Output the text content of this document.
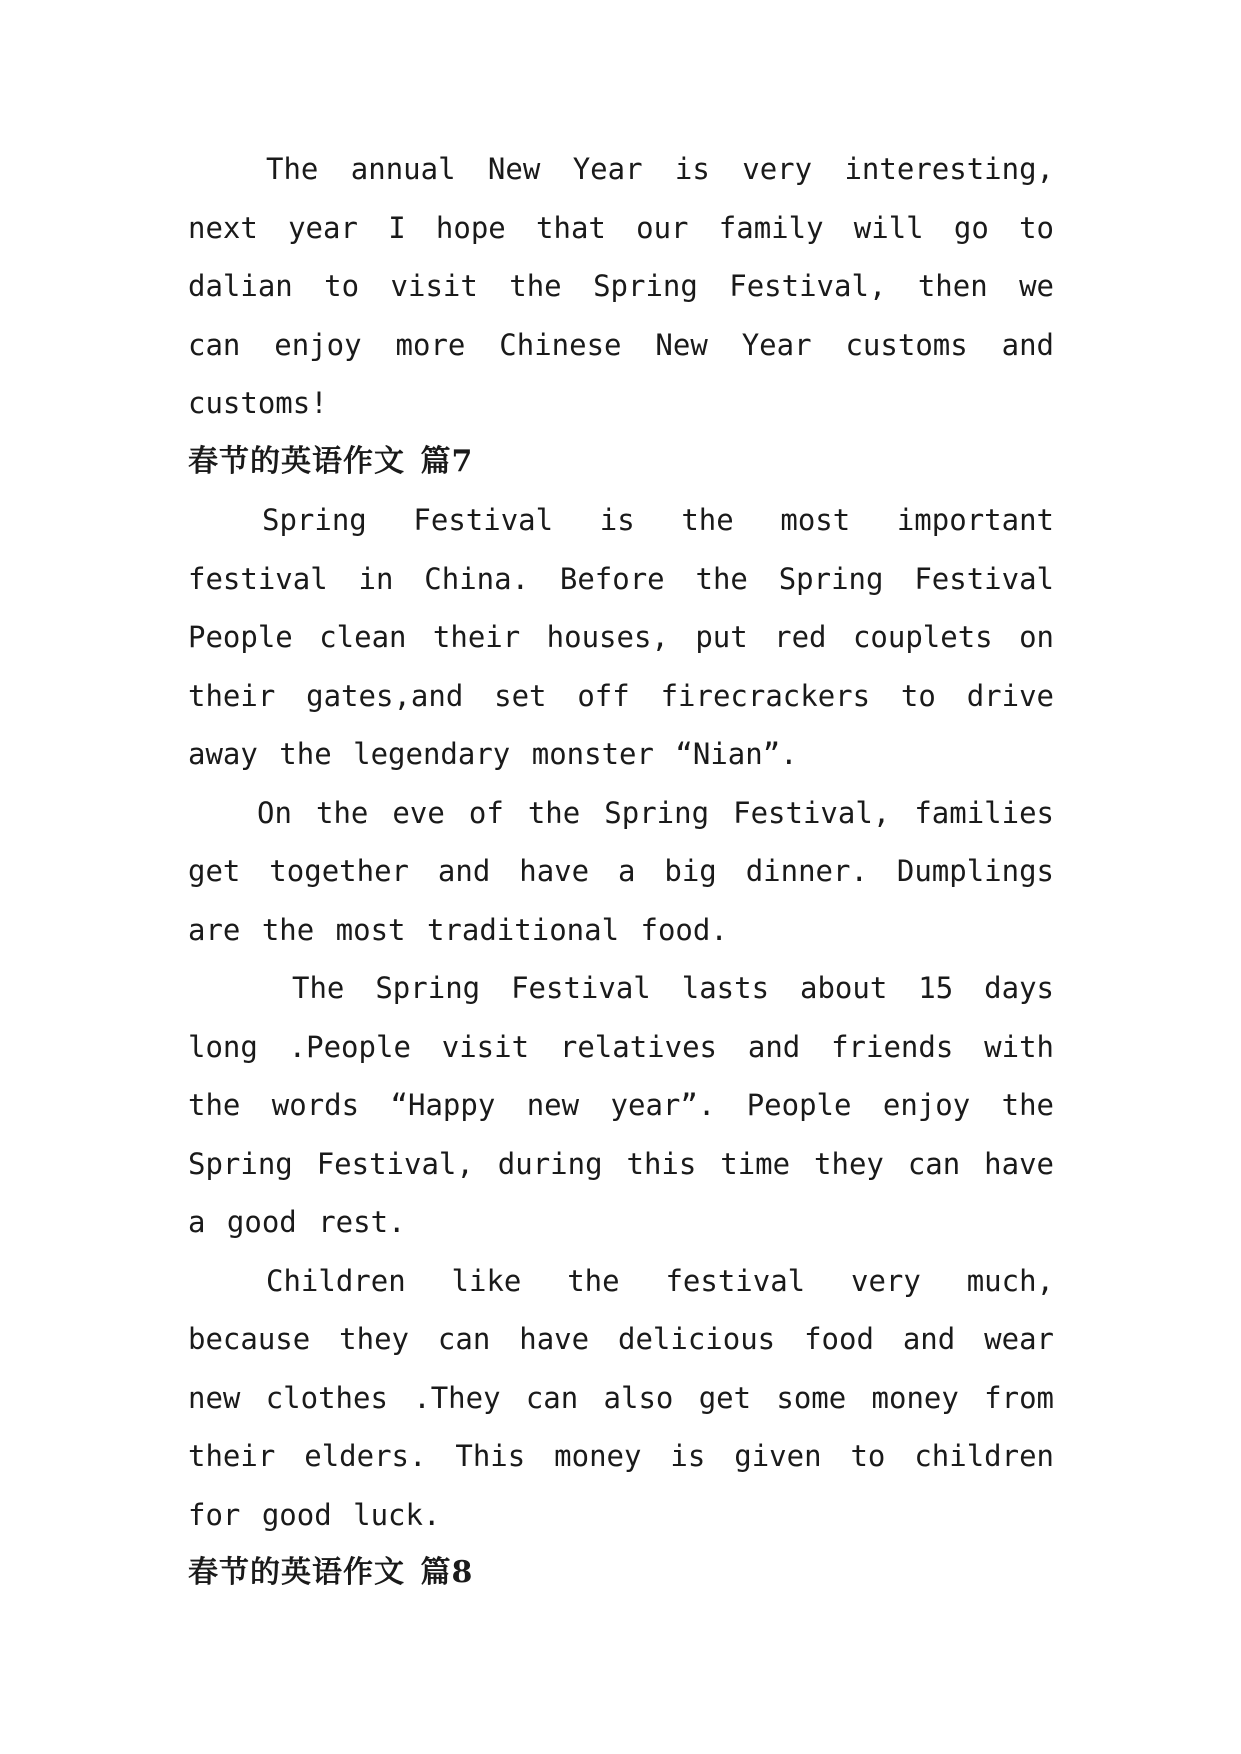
The annual New Year is very interesting, next year I hope that our family will go to dalian to visit the Spring Festival, then we can enjoy more Chinese New Year customs and customs!

春节的英语作文 篇7

Spring Festival is the most important festival in China. Before the Spring Festival People clean their houses, put red couplets on their gates,and set off firecrackers to drive away the legendary monster “Nian”.

On the eve of the Spring Festival, families get together and have a big dinner. Dumplings are the most traditional food.

The Spring Festival lasts about 15 days long .People visit relatives and friends with the words “Happy new year”. People enjoy the Spring Festival, during this time they can have a good rest.

Children like the festival very much, because they can have delicious food and wear new clothes .They can also get some money from their elders. This money is given to children for good luck.

春节的英语作文 篇8
